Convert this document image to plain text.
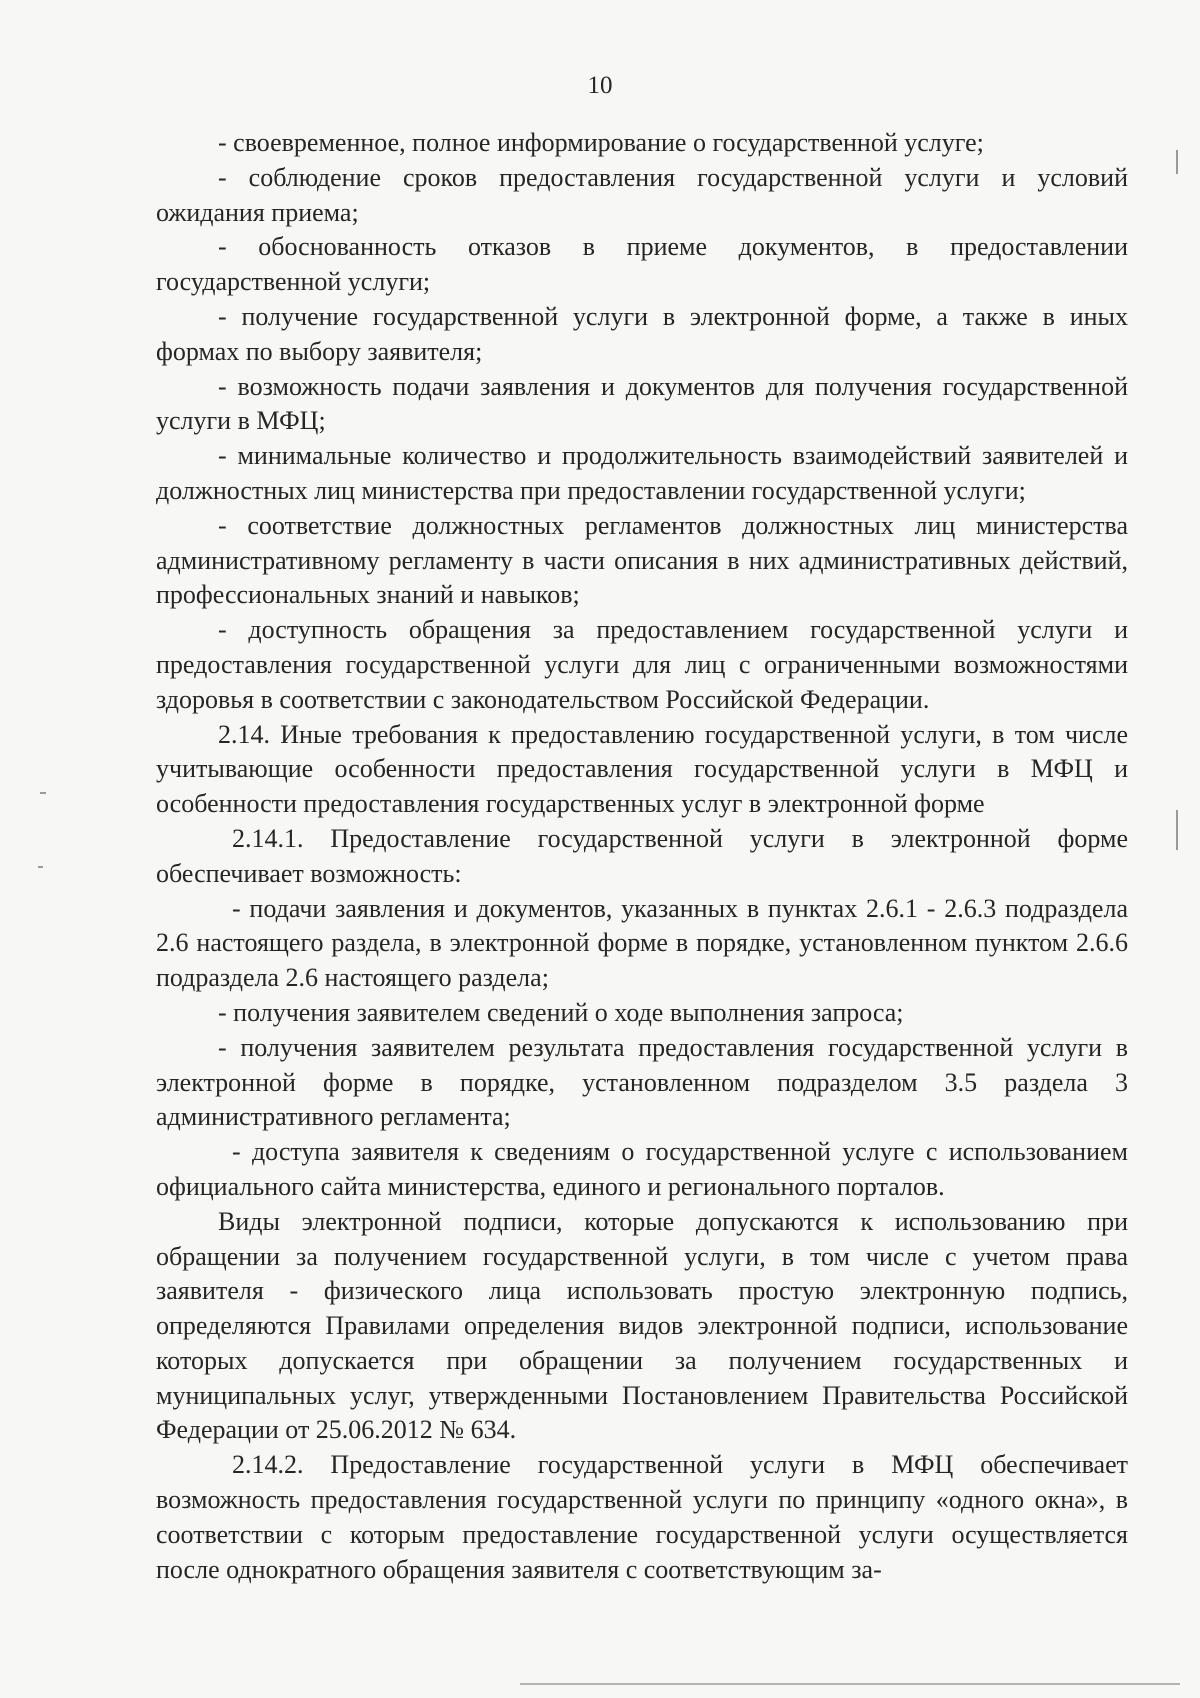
10

- своевременное, полное информирование о государственной услуге;

- соблюдение сроков предоставления государственной услуги и условий ожидания приема;

- обоснованность отказов в приеме документов, в предоставлении государственной услуги;

- получение государственной услуги в электронной форме, а также в иных формах по выбору заявителя;

- возможность подачи заявления и документов для получения государственной услуги в МФЦ;

- минимальные количество и продолжительность взаимодействий заявителей и должностных лиц министерства при предоставлении государственной услуги;

- соответствие должностных регламентов должностных лиц министерства административному регламенту в части описания в них административных действий, профессиональных знаний и навыков;

- доступность обращения за предоставлением государственной услуги и предоставления государственной услуги для лиц с ограниченными возможностями здоровья в соответствии с законодательством Российской Федерации.

2.14. Иные требования к предоставлению государственной услуги, в том числе учитывающие особенности предоставления государственной услуги в МФЦ и особенности предоставления государственных услуг в электронной форме

2.14.1. Предоставление государственной услуги в электронной форме обеспечивает возможность:

- подачи заявления и документов, указанных в пунктах 2.6.1 - 2.6.3 подраздела 2.6 настоящего раздела, в электронной форме в порядке, установленном пунктом 2.6.6 подраздела 2.6 настоящего раздела;

- получения заявителем сведений о ходе выполнения запроса;

- получения заявителем результата предоставления государственной услуги в электронной форме в порядке, установленном подразделом 3.5 раздела 3 административного регламента;

- доступа заявителя к сведениям о государственной услуге с использованием официального сайта министерства, единого и регионального порталов.

Виды электронной подписи, которые допускаются к использованию при обращении за получением государственной услуги, в том числе с учетом права заявителя - физического лица использовать простую электронную подпись, определяются Правилами определения видов электронной подписи, использование которых допускается при обращении за получением государственных и муниципальных услуг, утвержденными Постановлением Правительства Российской Федерации от 25.06.2012 № 634.

2.14.2. Предоставление государственной услуги в МФЦ обеспечивает возможность предоставления государственной услуги по принципу «одного окна», в соответствии с которым предоставление государственной услуги осуществляется после однократного обращения заявителя с соответствующим за-
